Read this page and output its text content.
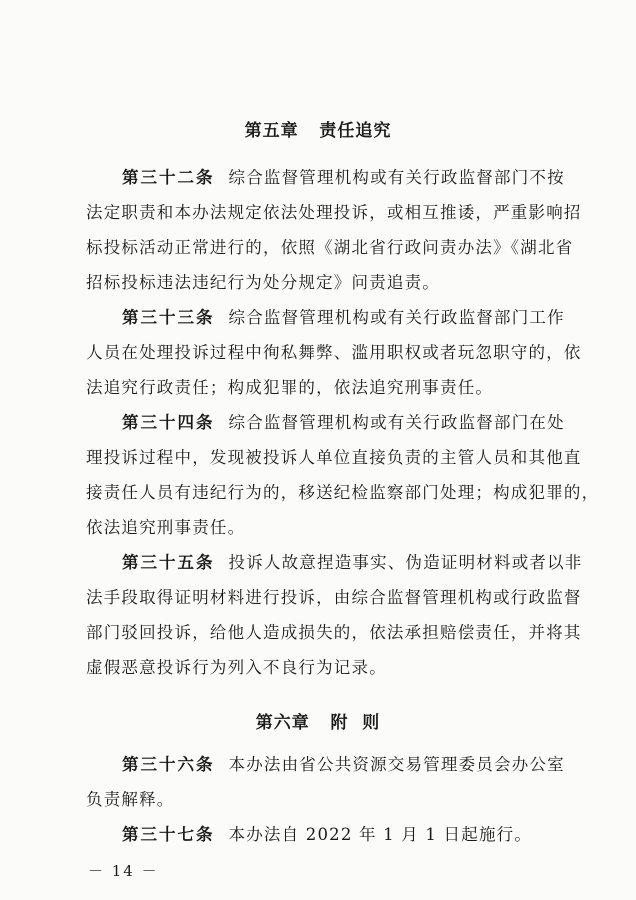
第五章   责任追究
第三十二条 综合监督管理机构或有关行政监督部门不按
法定职责和本办法规定依法处理投诉，或相互推诿，严重影响招
标投标活动正常进行的，依照《湖北省行政问责办法》《湖北省
招标投标违法违纪行为处分规定》问责追责。
第三十三条 综合监督管理机构或有关行政监督部门工作
人员在处理投诉过程中徇私舞弊、滥用职权或者玩忽职守的，依
法追究行政责任；构成犯罪的，依法追究刑事责任。
第三十四条 综合监督管理机构或有关行政监督部门在处
理投诉过程中，发现被投诉人单位直接负责的主管人员和其他直
接责任人员有违纪行为的，移送纪检监察部门处理；构成犯罪的，
依法追究刑事责任。
第三十五条 投诉人故意捏造事实、伪造证明材料或者以非
法手段取得证明材料进行投诉，由综合监督管理机构或行政监督
部门驳回投诉，给他人造成损失的，依法承担赔偿责任，并将其
虚假恶意投诉行为列入不良行为记录。
第六章   附  则
第三十六条 本办法由省公共资源交易管理委员会办公室
负责解释。
第三十七条 本办法自 2022 年 1 月 1 日起施行。
－ 14 －
